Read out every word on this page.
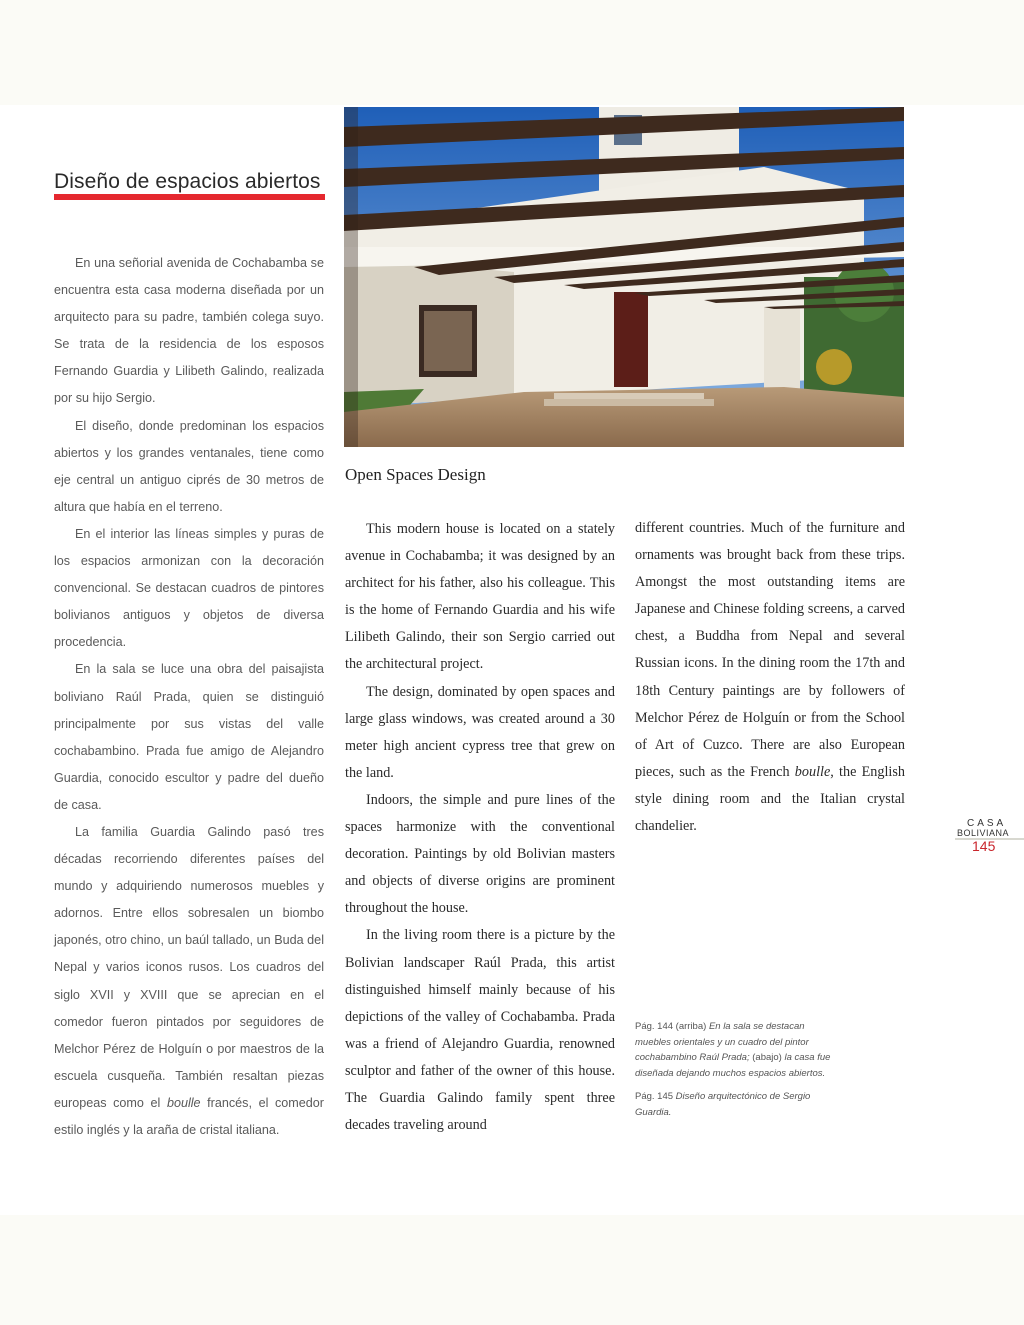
Diseño de espacios abiertos

En una señorial avenida de Cochabamba se encuentra esta casa moderna diseñada por un arquitecto para su padre, también colega suyo. Se trata de la residencia de los esposos Fernando Guardia y Lilibeth Galindo, realizada por su hijo Sergio.

El diseño, donde predominan los espacios abiertos y los grandes ventanales, tiene como eje central un antiguo ciprés de 30 metros de altura que había en el terreno.

En el interior las líneas simples y puras de los espacios armonizan con la decoración convencional. Se destacan cuadros de pintores bolivianos antiguos y objetos de diversa procedencia.

En la sala se luce una obra del paisajista boliviano Raúl Prada, quien se distinguió principalmente por sus vistas del valle cochabambino. Prada fue amigo de Alejandro Guardia, conocido escultor y padre del dueño de casa.

La familia Guardia Galindo pasó tres décadas recorriendo diferentes países del mundo y adquiriendo numerosos muebles y adornos. Entre ellos sobresalen un biombo japonés, otro chino, un baúl tallado, un Buda del Nepal y varios iconos rusos. Los cuadros del siglo XVII y XVIII que se aprecian en el comedor fueron pintados por seguidores de Melchor Pérez de Holguín o por maestros de la escuela cusqueña. También resaltan piezas europeas como el boulle francés, el comedor estilo inglés y la araña de cristal italiana.

Open Spaces Design

This modern house is located on a stately avenue in Cochabamba; it was designed by an architect for his father, also his colleague. This is the home of Fernando Guardia and his wife Lilibeth Galindo, their son Sergio carried out the architectural project.

The design, dominated by open spaces and large glass windows, was created around a 30 meter high ancient cypress tree that grew on the land.

Indoors, the simple and pure lines of the spaces harmonize with the conventional decoration. Paintings by old Bolivian masters and objects of diverse origins are prominent throughout the house.

In the living room there is a picture by the Bolivian landscaper Raúl Prada, this artist distinguished himself mainly because of his depictions of the valley of Cochabamba. Prada was a friend of Alejandro Guardia, renowned sculptor and father of the owner of this house. The Guardia Galindo family spent three decades traveling around

different countries. Much of the furniture and ornaments was brought back from these trips. Amongst the most outstanding items are Japanese and Chinese folding screens, a carved chest, a Buddha from Nepal and several Russian icons. In the dining room the 17th and 18th Century paintings are by followers of Melchor Pérez de Holguín or from the School of Art of Cuzco. There are also European pieces, such as the French boulle, the English style dining room and the Italian crystal chandelier.	CASA
BOLIVIANA
145

Pág. 144 (arriba) En la sala se destacan muebles orientales y un cuadro del pintor cochabambino Raúl Prada; (abajo) la casa fue diseñada dejando muchos espacios abiertos.

Pág. 145 Diseño arquitectónico de Sergio Guardia.
